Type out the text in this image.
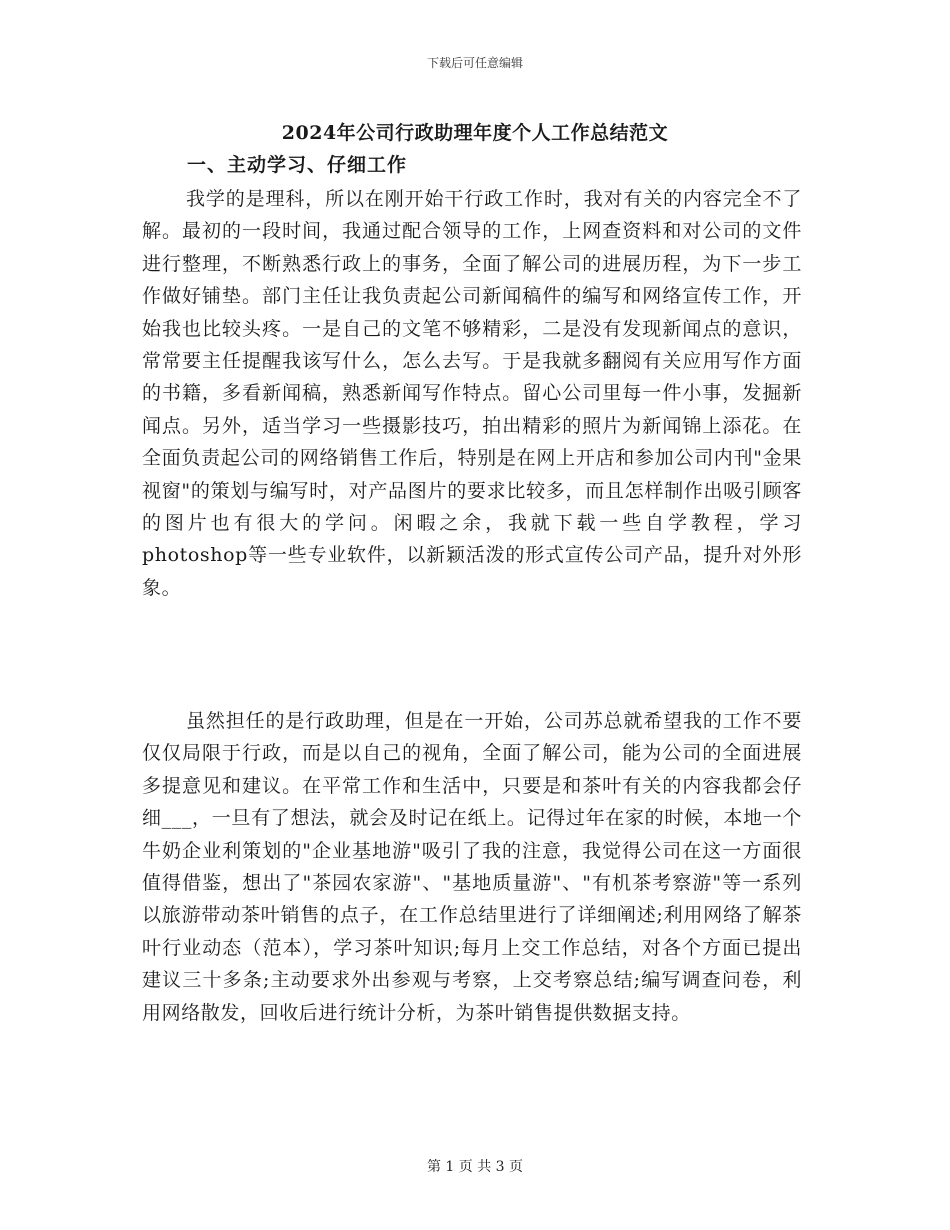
下载后可任意编辑
2024年公司行政助理年度个人工作总结范文
一、主动学习、仔细工作

我学的是理科，所以在刚开始干行政工作时，我对有关的内容完全不了解。最初的一段时间，我通过配合领导的工作，上网查资料和对公司的文件进行整理，不断熟悉行政上的事务，全面了解公司的进展历程，为下一步工作做好铺垫。部门主任让我负责起公司新闻稿件的编写和网络宣传工作，开始我也比较头疼。一是自己的文笔不够精彩，二是没有发现新闻点的意识，常常要主任提醒我该写什么，怎么去写。于是我就多翻阅有关应用写作方面的书籍，多看新闻稿，熟悉新闻写作特点。留心公司里每一件小事，发掘新闻点。另外，适当学习一些摄影技巧，拍出精彩的照片为新闻锦上添花。在全面负责起公司的网络销售工作后，特别是在网上开店和参加公司内刊"金果视窗"的策划与编写时，对产品图片的要求比较多，而且怎样制作出吸引顾客的图片也有很大的学问。闲暇之余，我就下载一些自学教程，学习photoshop等一些专业软件，以新颖活泼的形式宣传公司产品，提升对外形象。

虽然担任的是行政助理，但是在一开始，公司苏总就希望我的工作不要仅仅局限于行政，而是以自己的视角，全面了解公司，能为公司的全面进展多提意见和建议。在平常工作和生活中，只要是和茶叶有关的内容我都会仔细___，一旦有了想法，就会及时记在纸上。记得过年在家的时候，本地一个牛奶企业利策划的"企业基地游"吸引了我的注意，我觉得公司在这一方面很值得借鉴，想出了"茶园农家游"、"基地质量游"、"有机茶考察游"等一系列以旅游带动茶叶销售的点子，在工作总结里进行了详细阐述;利用网络了解茶叶行业动态（范本），学习茶叶知识;每月上交工作总结，对各个方面已提出建议三十多条;主动要求外出参观与考察，上交考察总结;编写调查问卷，利用网络散发，回收后进行统计分析，为茶叶销售提供数据支持。

第 1 页 共 3 页
